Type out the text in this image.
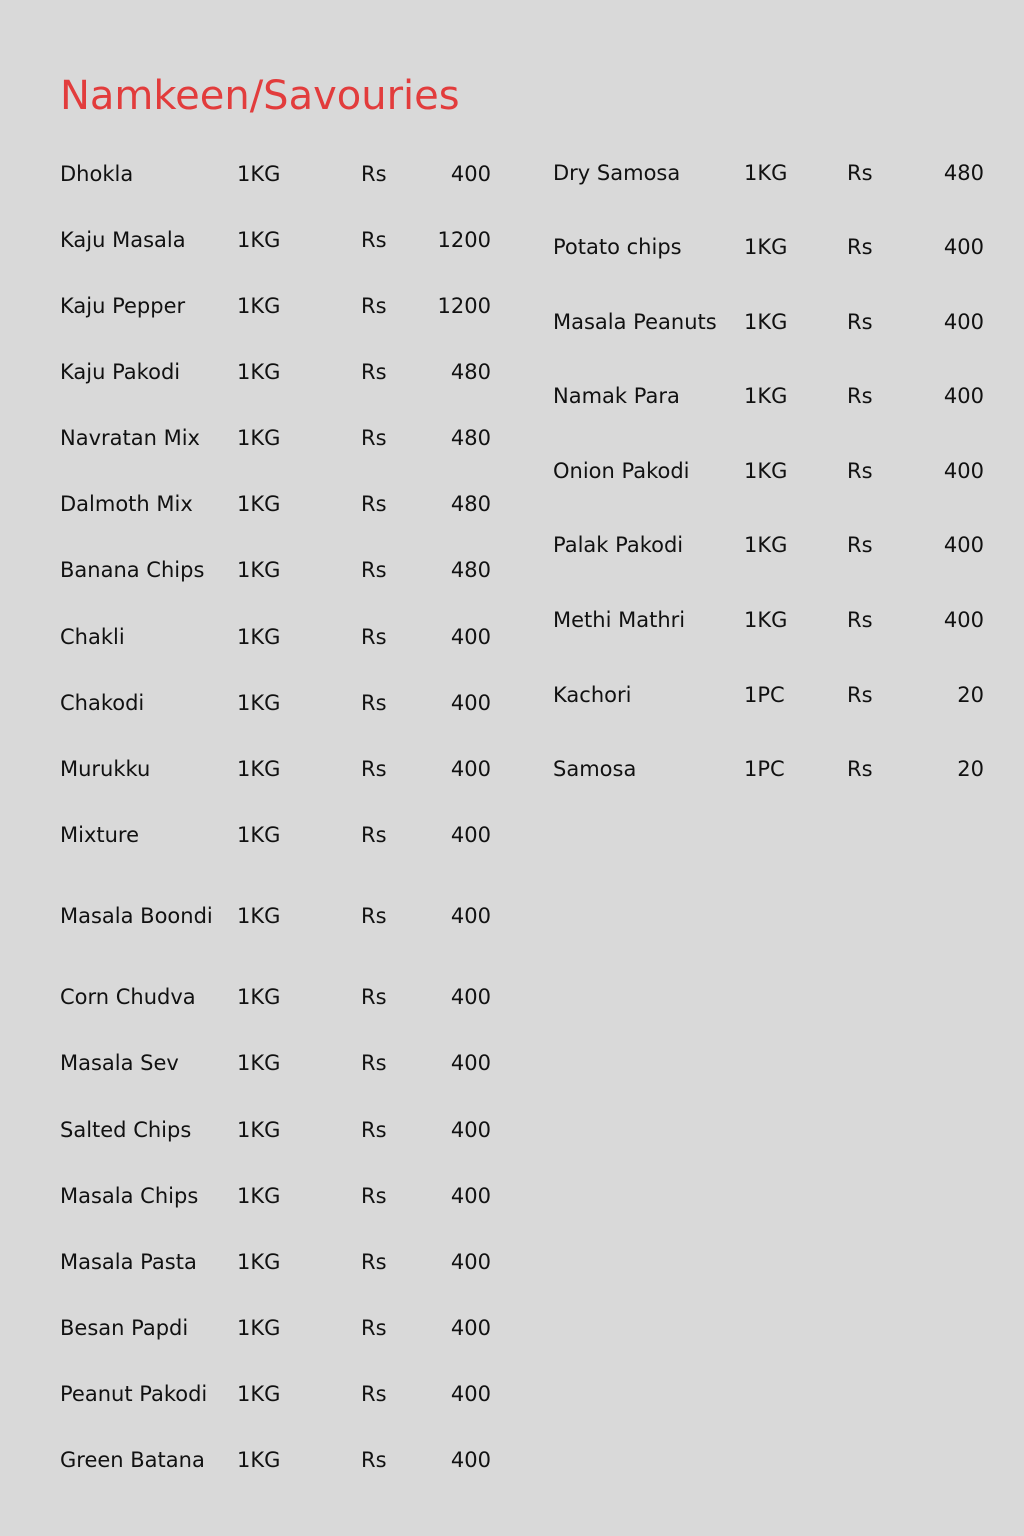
Namkeen/Savouries
Dhokla	1KG	Rs	400
Kaju Masala 1KG	Rs	1200
Kaju Pepper 1KG	Rs	1200
Kaju Pakodi	1KG	Rs	480
Navratan Mix 1KG	Rs	480
Dalmoth Mix 1KG	Rs	480
Banana Chips 1KG	Rs	480
Chakli	1KG	Rs	400
Chakodi	1KG	Rs	400
Murukku	1KG	Rs	400
Mixture	1KG	Rs	400
Masala Boondi 1KG	Rs	400
Corn Chudva 1KG	Rs	400
Masala Sev	1KG	Rs	400
Salted Chips 1KG	Rs	400
Masala Chips 1KG	Rs	400
Masala Pasta 1KG	Rs	400
Besan Papdi 1KG	Rs	400
Peanut Pakodi 1KG	Rs	400
Green Batana 1KG	Rs	400
Dry Samosa	1KG	Rs	480
Potato chips	1KG	Rs	400
Masala Peanuts 1KG	Rs	400
Namak Para	1KG	Rs	400
Onion Pakodi	1KG	Rs	400
Palak Pakodi	1KG	Rs	400
Methi Mathri	1KG	Rs	400
Kachori	1PC	Rs	20
Samosa	1PC	Rs	20
